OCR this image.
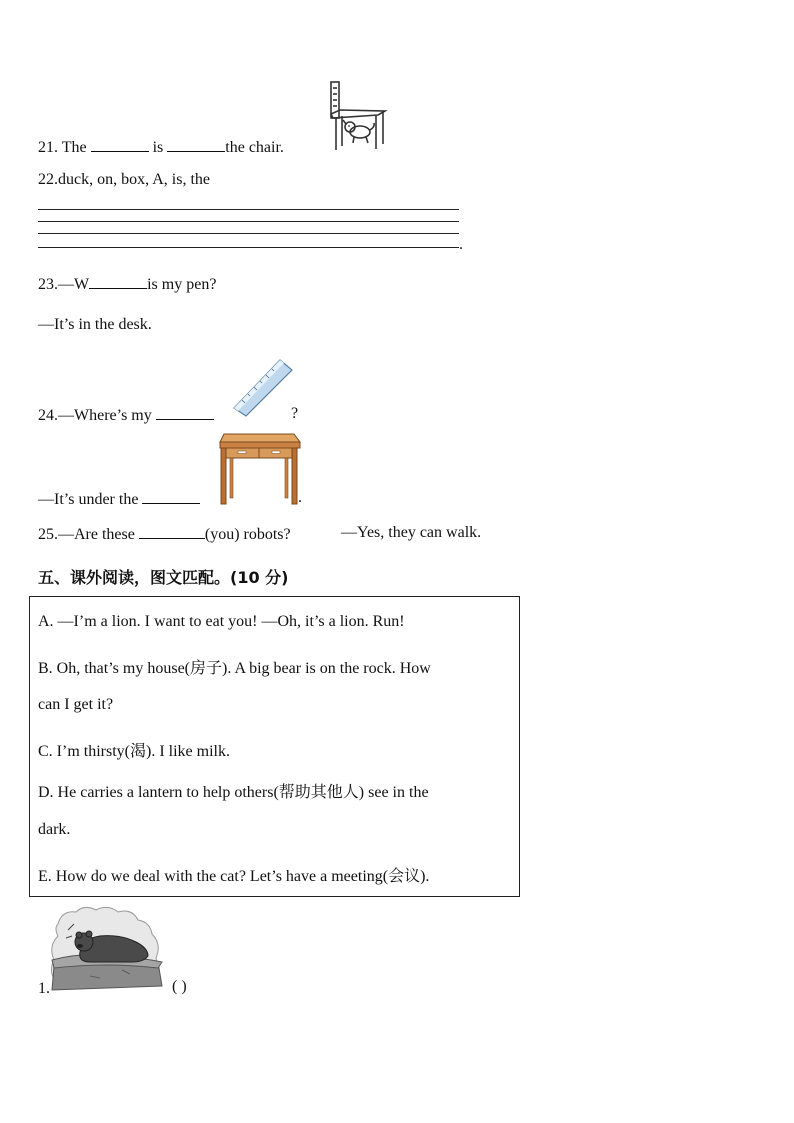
21. The	is	the chair.
22.duck, on, box, A, is, the
.
23.—W	is my pen?
—It’s in the desk.
24.—Where’s my	?
—It’s under the	.
25.—Are these	(you) robots?	—Yes, they can walk.
五、课外阅读，图文匹配。(10 分)
A. —I’m a lion. I want to eat you! —Oh, it’s a lion. Run!
B. Oh, that’s my house(房子). A big bear is on the rock. How
can I get it?
C. I’m thirsty(渴). I like milk.
D. He carries a lantern to help others(帮助其他人) see in the
dark.
E. How do we deal with the cat? Let’s have a meeting(会议).
1.	( )
